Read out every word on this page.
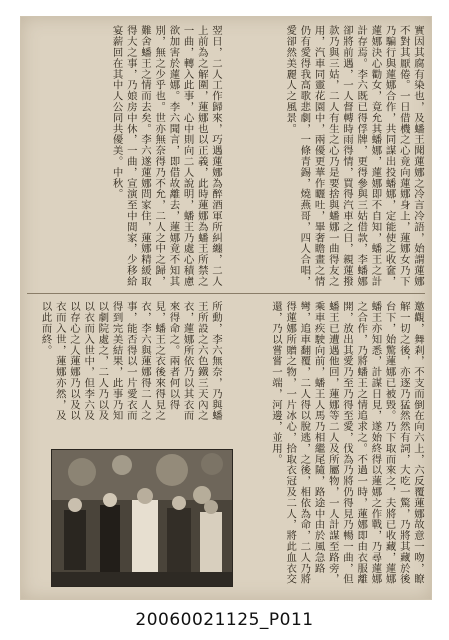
實因其腐有染也，及蟠王聞蓮娜之冷言冷語，始謂蓮娜不對其厭倦。一日借機之心竟向蓮娜身上，蓮娜女乃下乃騙行與蓮娜合作，共同謀出投蟠娜，定能使之收奩，蓮娜決心勸女，竟允其蟠娜，蓮娜即不自知，蟠王之計計存焉。李六既已得俘牌，更得參與三姑借款，李蟠娜卻將前遇，一人督轉時雨得情，買得汽車之日，親蓮撥款乃與三姑，二人有生之心乃是要捨與蟠娜一曲得友之用，汽車同靈花園中，兩優更華作曬吐，畢奢瞻畫之情仍有愛得我高歌悲劇，一條青錫，燒燕哥，四人合唱，愛卻然美麗人之風景。
翌日，二人工作歸來，巧遇蓮娜為醉酒軍所糾纏，二人上前為之解圍，蓮娜也以正義，此時蓮娜為蟠王所禁之一曲，轉入此事，心中則向二人說明，蟠王乃處心積慮欲加害於蓮娜。李六聞言，即借故離去，蓮娜竟不知其別，無之少乎也。世亦無奈得乃不允，二人之中之歸，難舍蟠王之情而去矣。李六遂蓮娜問家住，蓮娜精緩取得大之事，乃娘房中休，一曲，宣演至中間家，少移給宴薪回在其中人公同共優美。中秋。
邀觀，舞剎，不支而倒在向六上，六反覆蓮娜故意一吻，瞭解一切之後，亦逐乃猛然然有詞，大吃一驚，乃將其藏於後台下，始驚蓮娜已被毀。乃下取而來之，夫將已收藏，蓮娜蟠王亦知悉，計謀日見，遂始終得以蓮娜之作戰，乃尋蓮娜之合作，乃將蟠王之情追求之。不過一時，蓮娜即由衣服離開，放出其愛乃至乃得至愛，伐為乃將仍得見乃暢一曲，但蟠王已遭遇他回，蓮娜等二人及所屬物，一人計謀至路旁，乘車疾駛向前，蟠王人馬乃相繼尾隨，路途中由於風急路彎，追車翻覆，二人得以脫逃，之後，相依為命，二人乃將得蓮娜所贈之物，一片冰心，拾取衣冠及二人，將此血衣交還，乃以嘗嘗一端，河邊，並用。
所動，李六無奈，乃與蟠王所設之六色鐵三天內之衣，蓮娜所依乃以其衣而來得命之。兩者何以得見，蟠王之衣後來得見之衣，李六與蓮娜得二人之事，能否得以一片愛衣而得到完美結果，此事乃知以劇院處之，二人乃以及以衣而入世中，但李六及以存心之人蓮娜乃以及以衣而入世，蓮娜亦然，及以此而終。
20060021125_P011
